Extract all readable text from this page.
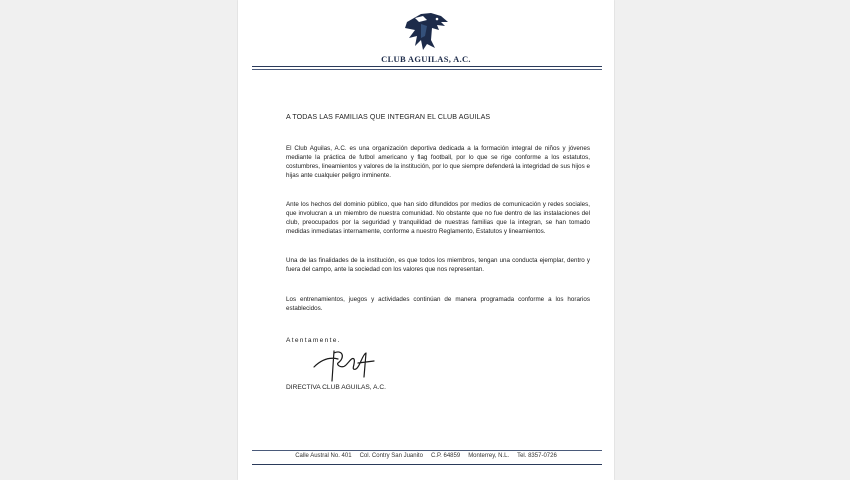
CLUB AGUILAS, A.C.
A TODAS LAS FAMILIAS QUE INTEGRAN EL CLUB AGUILAS
El Club Aguilas, A.C. es una organización deportiva dedicada a la formación integral de niños y jóvenes mediante la práctica de futbol americano y flag football, por lo que se rige conforme a los estatutos, costumbres, lineamientos y valores de la institución, por lo que siempre defenderá la integridad de sus hijos e hijas ante cualquier peligro inminente.
Ante los hechos del dominio público, que han sido difundidos por medios de comunicación y redes sociales, que involucran a un miembro de nuestra comunidad. No obstante que no fue dentro de las instalaciones del club, preocupados por la seguridad y tranquilidad de nuestras familias que la integran, se han tomado medidas inmediatas internamente, conforme a nuestro Reglamento, Estatutos y lineamientos.
Una de las finalidades de la institución, es que todos los miembros, tengan una conducta ejemplar, dentro y fuera del campo, ante la sociedad con los valores que nos representan.
Los entrenamientos, juegos y actividades continúan de manera programada conforme a los horarios establecidos.
Atentamente.
DIRECTIVA CLUB AGUILAS, A.C.
Calle Austral No. 401 Col. Contry San Juanito C.P. 64859 Monterrey, N.L. Tel. 8357-0726
